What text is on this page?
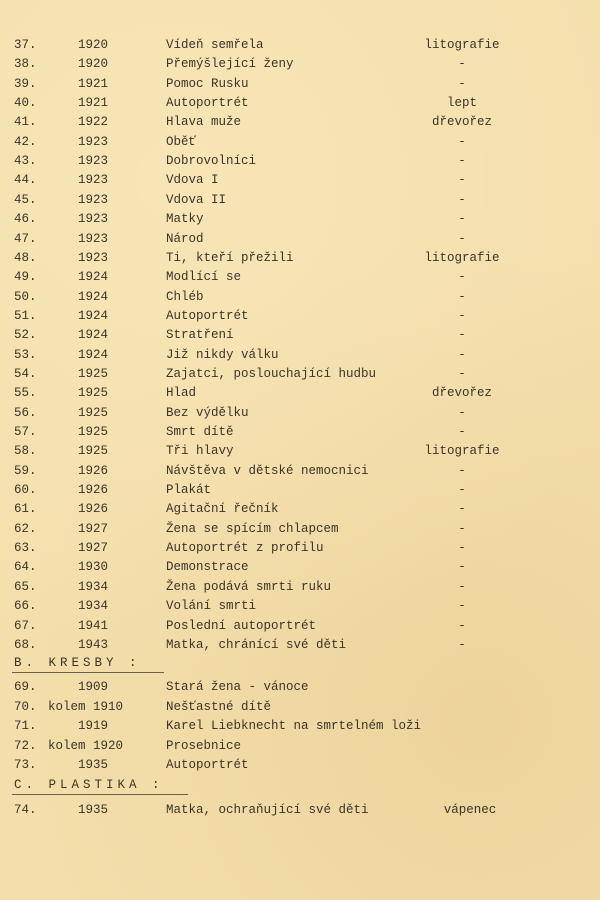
37.	1920	Vídeň semřela	litografie
38.	1920	Přemýšlející ženy	-
39.	1921	Pomoc Rusku	-
40.	1921	Autoportrét	lept
41.	1922	Hlava muže	dřevořez
42.	1923	Oběť	-
43.	1923	Dobrovolníci	-
44.	1923	Vdova I	-
45.	1923	Vdova II	-
46.	1923	Matky	-
47.	1923	Národ	-
48.	1923	Ti, kteří přežili	litografie
49.	1924	Modlící se	-
50.	1924	Chléb	-
51.	1924	Autoportrét	-
52.	1924	Stratření	-
53.	1924	Již nikdy válku	-
54.	1925	Zajatci, poslouchající hudbu	-
55.	1925	Hlad	dřevořez
56.	1925	Bez výdělku	-
57.	1925	Smrt dítě	-
58.	1925	Tři hlavy	litografie
59.	1926	Návštěva v dětské nemocnici	-
60.	1926	Plakát	-
61.	1926	Agitační řečník	-
62.	1927	Žena se spícím chlapcem	-
63.	1927	Autoportrét z profilu	-
64.	1930	Demonstrace	-
65.	1934	Žena podává smrti ruku	-
66.	1934	Volání smrti	-
67.	1941	Poslední autoportrét	-
68.	1943	Matka, chránící své děti	-
B. KRESBY :
69.	1909	Stará žena - vánoce
70. kolem 1910	Nešťastné dítě
71.	1919	Karel Liebknecht na smrtelném loži
72. kolem 1920	Prosebnice
73.	1935	Autoportrét
C. PLASTIKA :
74.	1935	Matka, ochraňující své děti	vápenec
